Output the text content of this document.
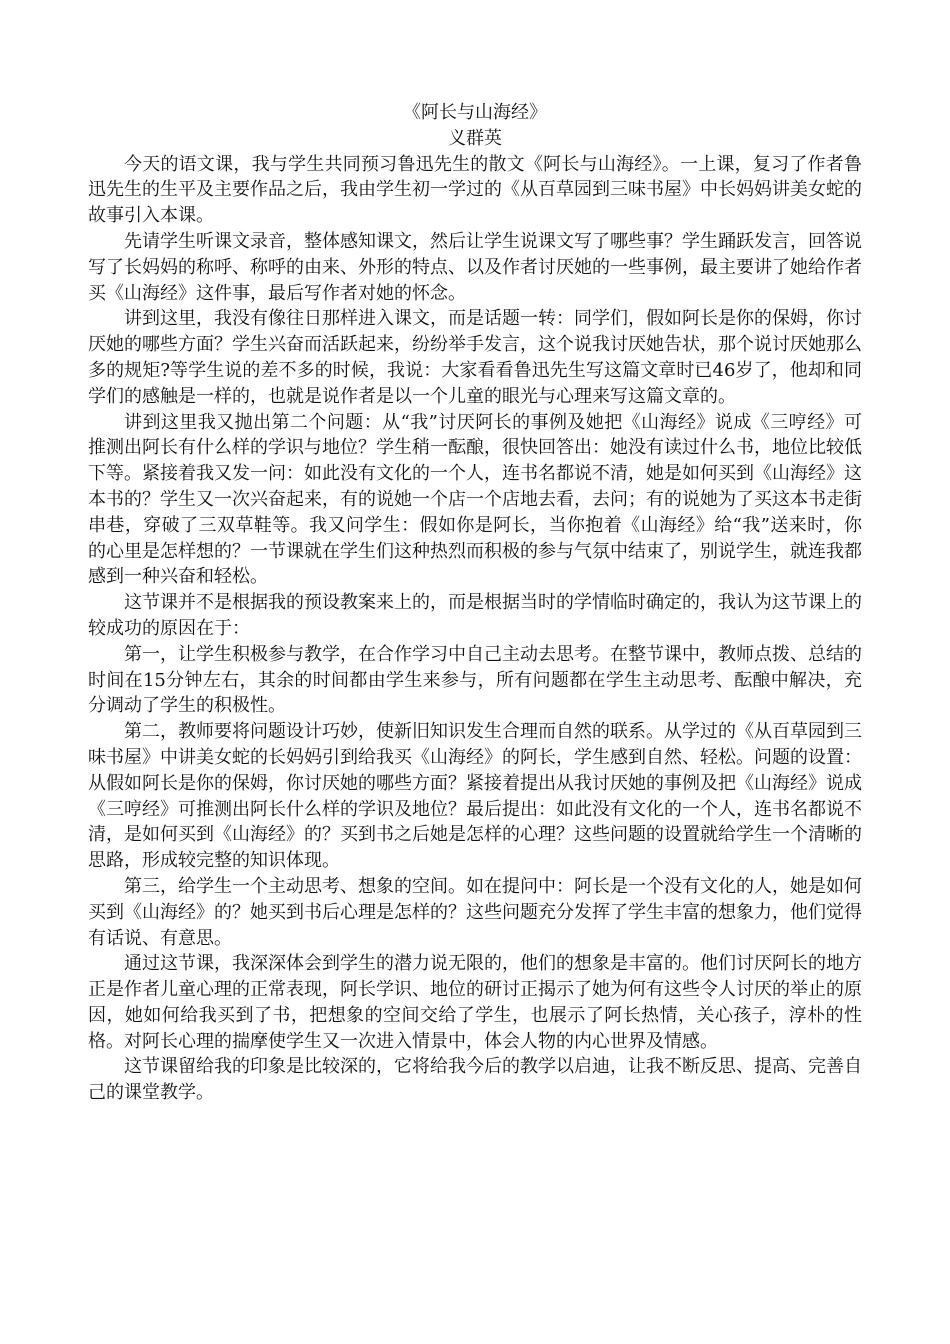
《阿长与山海经》

义群英

今天的语文课，我与学生共同预习鲁迅先生的散文《阿长与山海经》。一上课，复习了作者鲁迅先生的生平及主要作品之后，我由学生初一学过的《从百草园到三味书屋》中长妈妈讲美女蛇的故事引入本课。

先请学生听课文录音，整体感知课文，然后让学生说课文写了哪些事？学生踊跃发言，回答说写了长妈妈的称呼、称呼的由来、外形的特点、以及作者讨厌她的一些事例，最主要讲了她给作者买《山海经》这件事，最后写作者对她的怀念。

讲到这里，我没有像往日那样进入课文，而是话题一转：同学们，假如阿长是你的保姆，你讨厌她的哪些方面？学生兴奋而活跃起来，纷纷举手发言，这个说我讨厌她告状，那个说讨厌她那么多的规矩?等学生说的差不多的时候，我说：大家看看鲁迅先生写这篇文章时已46岁了，他却和同学们的感触是一样的，也就是说作者是以一个儿童的眼光与心理来写这篇文章的。

讲到这里我又抛出第二个问题：从“我”讨厌阿长的事例及她把《山海经》说成《三哼经》可推测出阿长有什么样的学识与地位？学生稍一酝酿，很快回答出：她没有读过什么书，地位比较低下等。紧接着我又发一问：如此没有文化的一个人，连书名都说不清，她是如何买到《山海经》这本书的？学生又一次兴奋起来，有的说她一个店一个店地去看，去问；有的说她为了买这本书走街串巷，穿破了三双草鞋等。我又问学生：假如你是阿长，当你抱着《山海经》给“我”送来时，你的心里是怎样想的？一节课就在学生们这种热烈而积极的参与气氛中结束了，别说学生，就连我都感到一种兴奋和轻松。

这节课并不是根据我的预设教案来上的，而是根据当时的学情临时确定的，我认为这节课上的较成功的原因在于：

第一，让学生积极参与教学，在合作学习中自己主动去思考。在整节课中，教师点拨、总结的时间在15分钟左右，其余的时间都由学生来参与，所有问题都在学生主动思考、酝酿中解决，充分调动了学生的积极性。

第二，教师要将问题设计巧妙，使新旧知识发生合理而自然的联系。从学过的《从百草园到三味书屋》中讲美女蛇的长妈妈引到给我买《山海经》的阿长，学生感到自然、轻松。问题的设置：从假如阿长是你的保姆，你讨厌她的哪些方面？紧接着提出从我讨厌她的事例及把《山海经》说成《三哼经》可推测出阿长什么样的学识及地位？最后提出：如此没有文化的一个人，连书名都说不清，是如何买到《山海经》的？买到书之后她是怎样的心理？这些问题的设置就给学生一个清晰的思路，形成较完整的知识体现。

第三，给学生一个主动思考、想象的空间。如在提问中：阿长是一个没有文化的人，她是如何买到《山海经》的？她买到书后心理是怎样的？这些问题充分发挥了学生丰富的想象力，他们觉得有话说、有意思。

通过这节课，我深深体会到学生的潜力说无限的，他们的想象是丰富的。他们讨厌阿长的地方正是作者儿童心理的正常表现，阿长学识、地位的研讨正揭示了她为何有这些令人讨厌的举止的原因，她如何给我买到了书，把想象的空间交给了学生，也展示了阿长热情，关心孩子，淳朴的性格。对阿长心理的揣摩使学生又一次进入情景中，体会人物的内心世界及情感。

这节课留给我的印象是比较深的，它将给我今后的教学以启迪，让我不断反思、提高、完善自己的课堂教学。
